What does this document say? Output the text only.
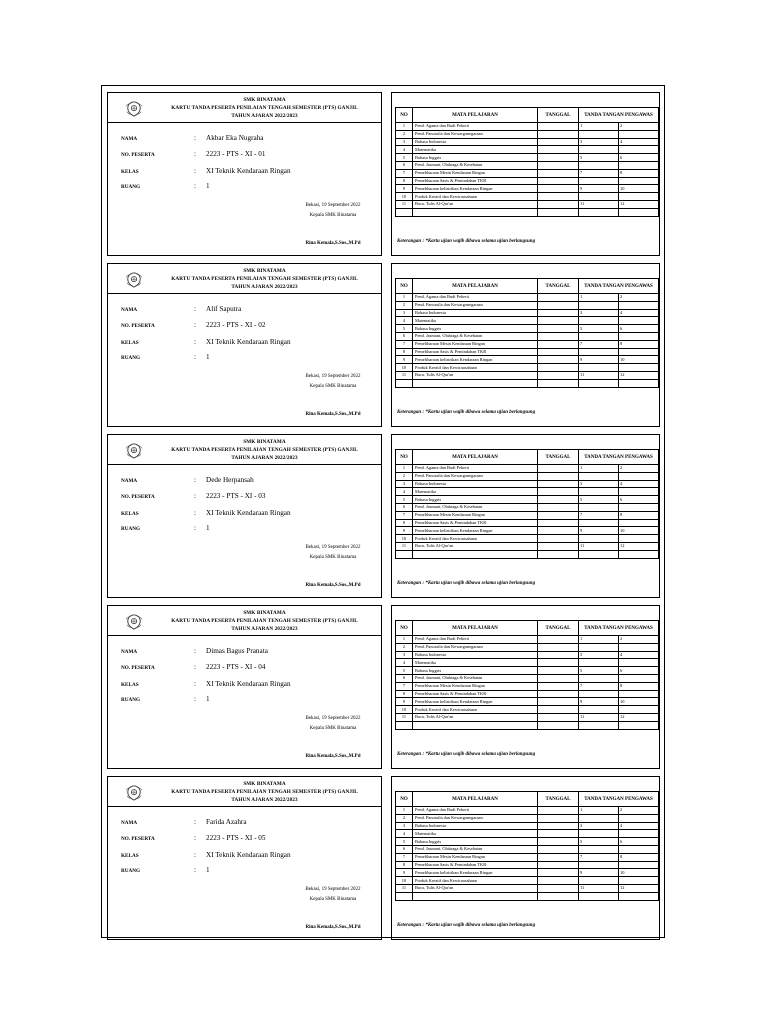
SMK BINATAMA
KARTU TANDA PESERTA PENILAIAN TENGAH SEMESTER (PTS) GANJIL
TAHUN AJARAN 2022/2023
NAMA	: Akbar Eka Nugraha
NO. PESERTA	: 2223 - PTS - XI - 01
KELAS	: XI Teknik Kendaraan Ringan
RUANG	: 1
Bekasi, 19 September 2022
Kepala SMK Binatama
Rina Kemala,S.Sos.,M.Pd
NO	MATA PELAJARAN	TANGGAL	TANDA TANGAN PENGAWAS	
1	Pend. Agama dan Budi Pekerti		1	2
2	Pend. Pancasila dan Kewarganegaraan			
3	Bahasa Indonesia		3	4
4	Matematika			
5	Bahasa Inggris		5	6
6	Pend. Jasmani, Olahraga & Kesehatan			
7	Pemeliharaan Mesin Kendaraan Ringan		7	8
8	Pemeliharaan Sasis & Pemindahan TKR			
9	Pemeliharaan kelistrikan Kendaraan Ringan		9	10
10	Produk Kreatif dan Kewirausahaan			
11	Baca, Tulis Al-Qur'an		11	12

Keterangan : *Kartu ujian wajib dibawa selama ujian berlangsung
SMK BINATAMA
KARTU TANDA PESERTA PENILAIAN TENGAH SEMESTER (PTS) GANJIL
TAHUN AJARAN 2022/2023
NAMA	: Alif Saputra
NO. PESERTA	: 2223 - PTS - XI - 02
KELAS	: XI Teknik Kendaraan Ringan
RUANG	: 1
Bekasi, 19 September 2022
Kepala SMK Binatama
Rina Kemala,S.Sos.,M.Pd
NO	MATA PELAJARAN	TANGGAL	TANDA TANGAN PENGAWAS	
1	Pend. Agama dan Budi Pekerti		1	2
2	Pend. Pancasila dan Kewarganegaraan			
3	Bahasa Indonesia		3	4
4	Matematika			
5	Bahasa Inggris		5	6
6	Pend. Jasmani, Olahraga & Kesehatan			
7	Pemeliharaan Mesin Kendaraan Ringan		7	8
8	Pemeliharaan Sasis & Pemindahan TKR			
9	Pemeliharaan kelistrikan Kendaraan Ringan		9	10
10	Produk Kreatif dan Kewirausahaan			
11	Baca, Tulis Al-Qur'an		11	12

Keterangan : *Kartu ujian wajib dibawa selama ujian berlangsung
SMK BINATAMA
KARTU TANDA PESERTA PENILAIAN TENGAH SEMESTER (PTS) GANJIL
TAHUN AJARAN 2022/2023
NAMA	: Dede Herpansah
NO. PESERTA	: 2223 - PTS - XI - 03
KELAS	: XI Teknik Kendaraan Ringan
RUANG	: 1
Bekasi, 19 September 2022
Kepala SMK Binatama
Rina Kemala,S.Sos.,M.Pd
NO	MATA PELAJARAN	TANGGAL	TANDA TANGAN PENGAWAS	
1	Pend. Agama dan Budi Pekerti		1	2
2	Pend. Pancasila dan Kewarganegaraan			
3	Bahasa Indonesia		3	4
4	Matematika			
5	Bahasa Inggris		5	6
6	Pend. Jasmani, Olahraga & Kesehatan			
7	Pemeliharaan Mesin Kendaraan Ringan		7	8
8	Pemeliharaan Sasis & Pemindahan TKR			
9	Pemeliharaan kelistrikan Kendaraan Ringan		9	10
10	Produk Kreatif dan Kewirausahaan			
11	Baca, Tulis Al-Qur'an		11	12

Keterangan : *Kartu ujian wajib dibawa selama ujian berlangsung
SMK BINATAMA
KARTU TANDA PESERTA PENILAIAN TENGAH SEMESTER (PTS) GANJIL
TAHUN AJARAN 2022/2023
NAMA	: Dimas Bagus Pranata
NO. PESERTA	: 2223 - PTS - XI - 04
KELAS	: XI Teknik Kendaraan Ringan
RUANG	: 1
Bekasi, 19 September 2022
Kepala SMK Binatama
Rina Kemala,S.Sos.,M.Pd
NO	MATA PELAJARAN	TANGGAL	TANDA TANGAN PENGAWAS	
1	Pend. Agama dan Budi Pekerti		1	2
2	Pend. Pancasila dan Kewarganegaraan			
3	Bahasa Indonesia		3	4
4	Matematika			
5	Bahasa Inggris		5	6
6	Pend. Jasmani, Olahraga & Kesehatan			
7	Pemeliharaan Mesin Kendaraan Ringan		7	8
8	Pemeliharaan Sasis & Pemindahan TKR			
9	Pemeliharaan kelistrikan Kendaraan Ringan		9	10
10	Produk Kreatif dan Kewirausahaan			
11	Baca, Tulis Al-Qur'an		11	12

Keterangan : *Kartu ujian wajib dibawa selama ujian berlangsung
SMK BINATAMA
KARTU TANDA PESERTA PENILAIAN TENGAH SEMESTER (PTS) GANJIL
TAHUN AJARAN 2022/2023
NAMA	: Farida Azahra
NO. PESERTA	: 2223 - PTS - XI - 05
KELAS	: XI Teknik Kendaraan Ringan
RUANG	: 1
Bekasi, 19 September 2022
Kepala SMK Binatama
Rina Kemala,S.Sos.,M.Pd
NO	MATA PELAJARAN	TANGGAL	TANDA TANGAN PENGAWAS	
1	Pend. Agama dan Budi Pekerti		1	2
2	Pend. Pancasila dan Kewarganegaraan			
3	Bahasa Indonesia		3	4
4	Matematika			
5	Bahasa Inggris		5	6
6	Pend. Jasmani, Olahraga & Kesehatan			
7	Pemeliharaan Mesin Kendaraan Ringan		7	8
8	Pemeliharaan Sasis & Pemindahan TKR			
9	Pemeliharaan kelistrikan Kendaraan Ringan		9	10
10	Produk Kreatif dan Kewirausahaan			
11	Baca, Tulis Al-Qur'an		11	12

Keterangan : *Kartu ujian wajib dibawa selama ujian berlangsung
